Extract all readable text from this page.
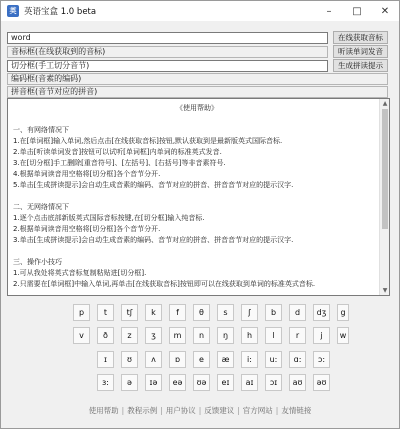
英 英语宝盒 1.0 beta	–	□	✕
word	在线获取音标
音标框(在线获取到的音标)	听读单词发音
切分框(手工切分音节)	生成拼读提示
编码框(音素的编码)
拼音框(音节对应的拼音)
《使用帮助》

一、有网络情况下
1.在[单词框]输入单词,然后点击[在线获取音标]按钮,默认获取到是最新版英式国际音标.
2.单击[听读单词发音]按钮可以试听[单词框]内单词的标准英式发音.
3.在[切分框]手工删除[重音符号]、[左括号]、[右括号]等非音素符号.
4.根据单词读音用空格将[切分框]各个音节分开.
5.单击[生成拼读提示]会自动生成音素的编码、音节对应的拼音、拼音音节对应的提示汉字.

二、无网络情况下
1.逐个点击底部新版英式国际音标按键,在[切分框]输入纯音标.
2.根据单词读音用空格将[切分框]各个音节分开.
3.单击[生成拼读提示]会自动生成音素的编码、音节对应的拼音、拼音音节对应的提示汉字.

三、操作小技巧
1.可从我处将英式音标复制粘贴进[切分框].
2.只需要在[单词框]中输入单词,再单击[在线获取音标]按钮即可以在线获取到单词的标准英式音标.
▲
▼
p	t	tʃ	k	f	θ	s	ʃ	b	d	dʒ	g
v	ð	z	ʒ	m	n	ŋ	h	l	r	j	w
ɪ	ʊ	ʌ	ɒ	e	æ	i:	u:	ɑ:	ɔ:
ɜ:	ə	ɪə	eə	ʊə	eɪ	aɪ	ɔɪ	aʊ	əʊ
使用帮助 | 教程示例 | 用户协议 | 反馈建议 | 官方网站 | 友情链接
